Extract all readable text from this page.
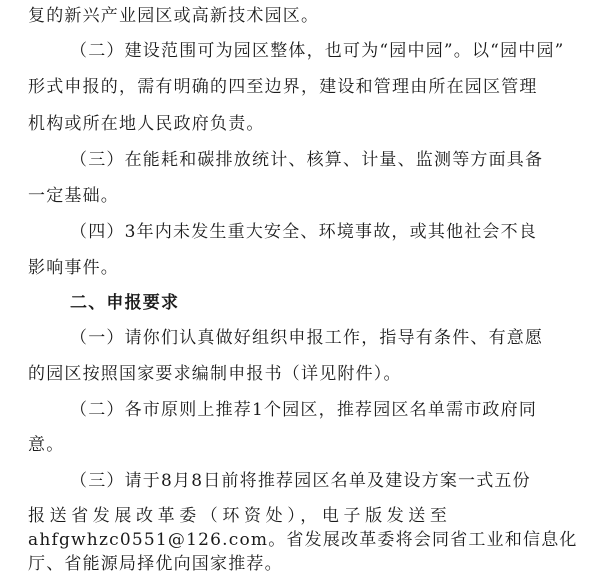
复的新兴产业园区或高新技术园区。
（二）建设范围可为园区整体，也可为“园中园”。以“园中园”
形式申报的，需有明确的四至边界，建设和管理由所在园区管理
机构或所在地人民政府负责。
（三）在能耗和碳排放统计、核算、计量、监测等方面具备
一定基础。
（四）3年内未发生重大安全、环境事故，或其他社会不良
影响事件。
二、申报要求
（一）请你们认真做好组织申报工作，指导有条件、有意愿
的园区按照国家要求编制申报书（详见附件）。
（二）各市原则上推荐1个园区，推荐园区名单需市政府同
意。
（三）请于8月8日前将推荐园区名单及建设方案一式五份
报送省发展改革委（环资处），电子版发送至
ahfgwhzc0551@126.com。省发展改革委将会同省工业和信息化
厅、省能源局择优向国家推荐。
